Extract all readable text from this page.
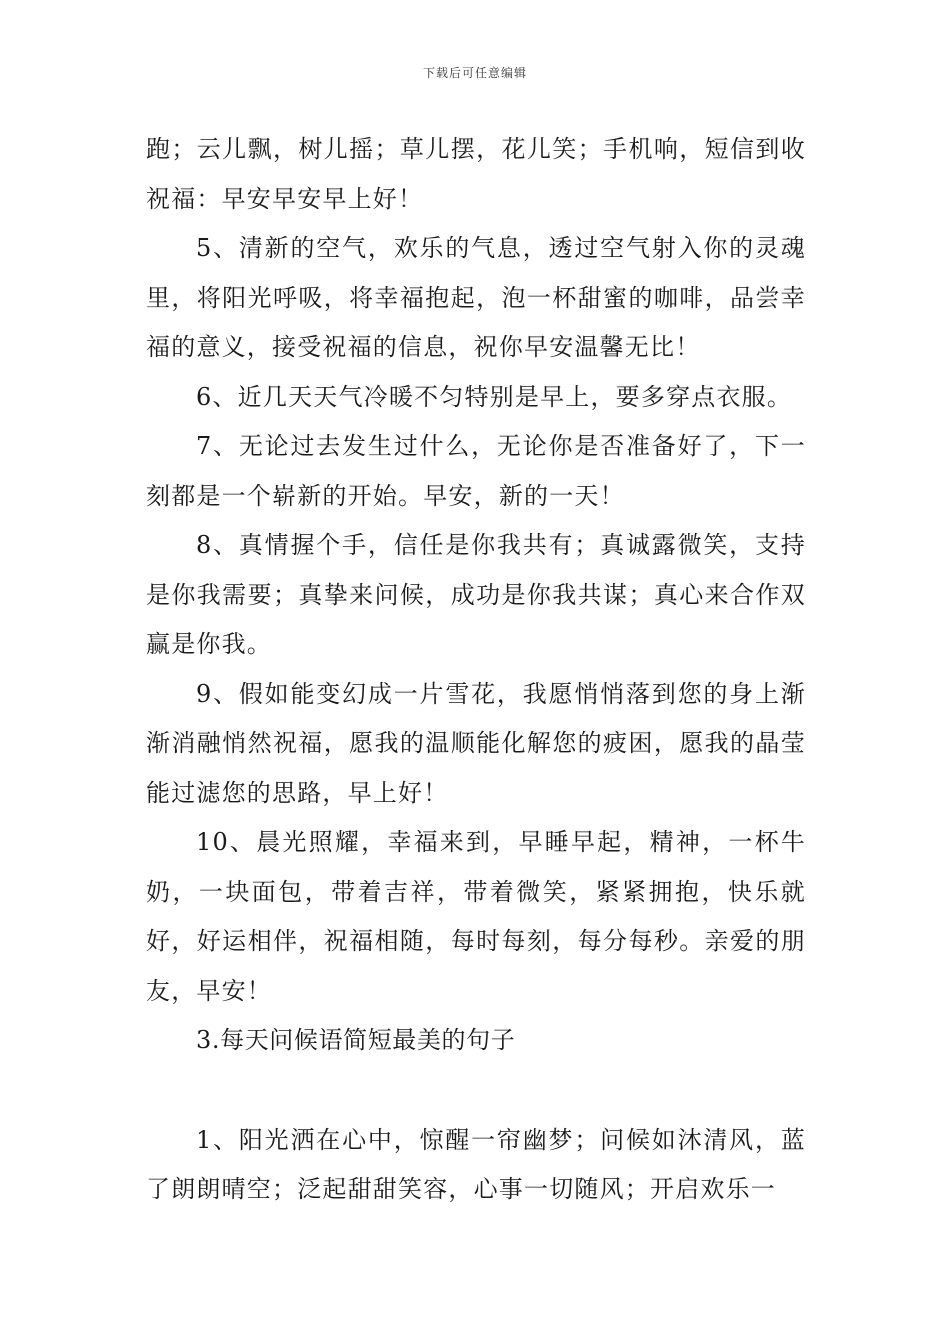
下载后可任意编辑

跑；云儿飘，树儿摇；草儿摆，花儿笑；手机响，短信到收祝福：早安早安早上好！

5、清新的空气，欢乐的气息，透过空气射入你的灵魂里，将阳光呼吸，将幸福抱起，泡一杯甜蜜的咖啡，品尝幸福的意义，接受祝福的信息，祝你早安温馨无比！

6、近几天天气冷暖不匀特别是早上，要多穿点衣服。

7、无论过去发生过什么，无论你是否准备好了，下一刻都是一个崭新的开始。早安，新的一天！

8、真情握个手，信任是你我共有；真诚露微笑，支持是你我需要；真挚来问候，成功是你我共谋；真心来合作双赢是你我。

9、假如能变幻成一片雪花，我愿悄悄落到您的身上渐渐消融悄然祝福，愿我的温顺能化解您的疲困，愿我的晶莹能过滤您的思路，早上好！

10、晨光照耀，幸福来到，早睡早起，精神，一杯牛奶，一块面包，带着吉祥，带着微笑，紧紧拥抱，快乐就好，好运相伴，祝福相随，每时每刻，每分每秒。亲爱的朋友，早安！

3.每天问候语简短最美的句子

1、阳光洒在心中，惊醒一帘幽梦；问候如沐清风，蓝了朗朗晴空；泛起甜甜笑容，心事一切随风；开启欢乐一
